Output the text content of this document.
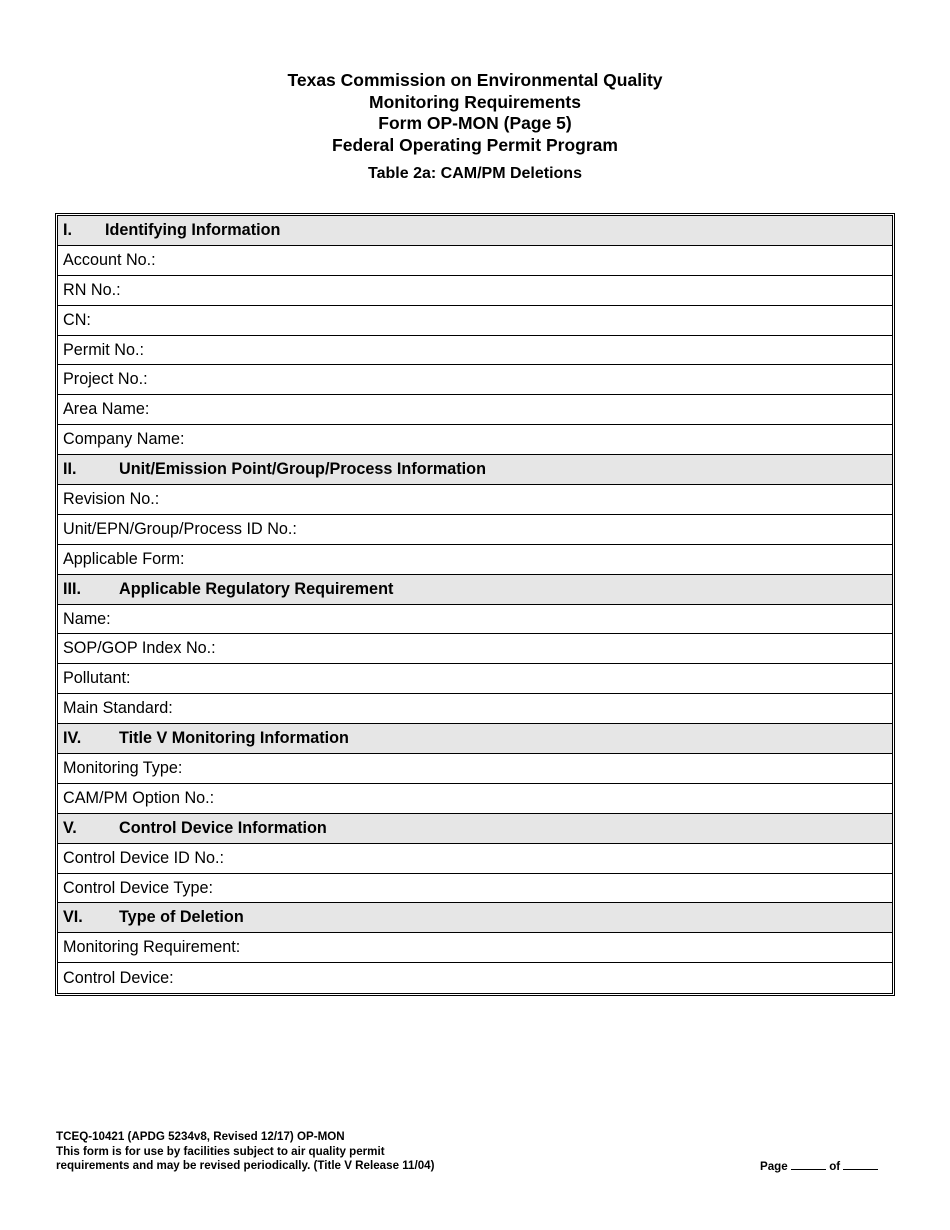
Texas Commission on Environmental Quality
Monitoring Requirements
Form OP-MON (Page 5)
Federal Operating Permit Program
Table 2a: CAM/PM Deletions
I.	Identifying Information
Account No.:
RN No.:
CN:
Permit No.:
Project No.:
Area Name:
Company Name:
II.	Unit/Emission Point/Group/Process Information
Revision No.:
Unit/EPN/Group/Process ID No.:
Applicable Form:
III.	Applicable Regulatory Requirement
Name:
SOP/GOP Index No.:
Pollutant:
Main Standard:
IV.	Title V Monitoring Information
Monitoring Type:
CAM/PM Option No.:
V.	Control Device Information
Control Device ID No.:
Control Device Type:
VI.	Type of Deletion
Monitoring Requirement:
Control Device:
TCEQ-10421 (APDG 5234v8, Revised 12/17) OP-MON
This form is for use by facilities subject to air quality permit
requirements and may be revised periodically. (Title V Release 11/04)	Page	of
